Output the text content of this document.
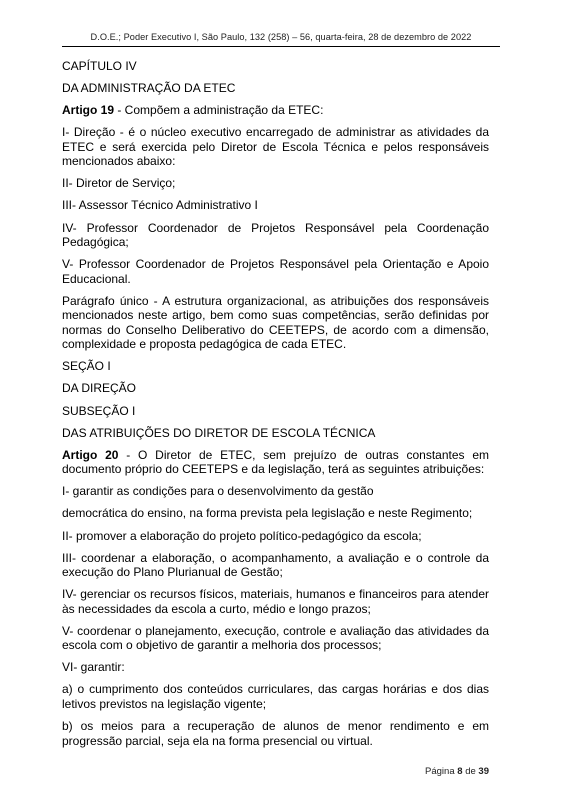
D.O.E.; Poder Executivo I, São Paulo, 132 (258) – 56, quarta-feira, 28 de dezembro de 2022

CAPÍTULO IV

DA ADMINISTRAÇÃO DA ETEC

Artigo 19 - Compõem a administração da ETEC:

I- Direção - é o núcleo executivo encarregado de administrar as atividades da ETEC e será exercida pelo Diretor de Escola Técnica e pelos responsáveis mencionados abaixo:

II- Diretor de Serviço;

III- Assessor Técnico Administrativo I

IV- Professor Coordenador de Projetos Responsável pela Coordenação Pedagógica;

V- Professor Coordenador de Projetos Responsável pela Orientação e Apoio Educacional.

Parágrafo único - A estrutura organizacional, as atribuições dos responsáveis mencionados neste artigo, bem como suas competências, serão definidas por normas do Conselho Deliberativo do CEETEPS, de acordo com a dimensão, complexidade e proposta pedagógica de cada ETEC.

SEÇÃO I

DA DIREÇÃO

SUBSEÇÃO I

DAS ATRIBUIÇÕES DO DIRETOR DE ESCOLA TÉCNICA

Artigo 20 - O Diretor de ETEC, sem prejuízo de outras constantes em documento próprio do CEETEPS e da legislação, terá as seguintes atribuições:

I- garantir as condições para o desenvolvimento da gestão

democrática do ensino, na forma prevista pela legislação e neste Regimento;

II- promover a elaboração do projeto político-pedagógico da escola;

III- coordenar a elaboração, o acompanhamento, a avaliação e o controle da execução do Plano Plurianual de Gestão;

IV- gerenciar os recursos físicos, materiais, humanos e financeiros para atender às necessidades da escola a curto, médio e longo prazos;

V- coordenar o planejamento, execução, controle e avaliação das atividades da escola com o objetivo de garantir a melhoria dos processos;

VI- garantir:

a) o cumprimento dos conteúdos curriculares, das cargas horárias e dos dias letivos previstos na legislação vigente;

b) os meios para a recuperação de alunos de menor rendimento e em progressão parcial, seja ela na forma presencial ou virtual.

Página 8 de 39
